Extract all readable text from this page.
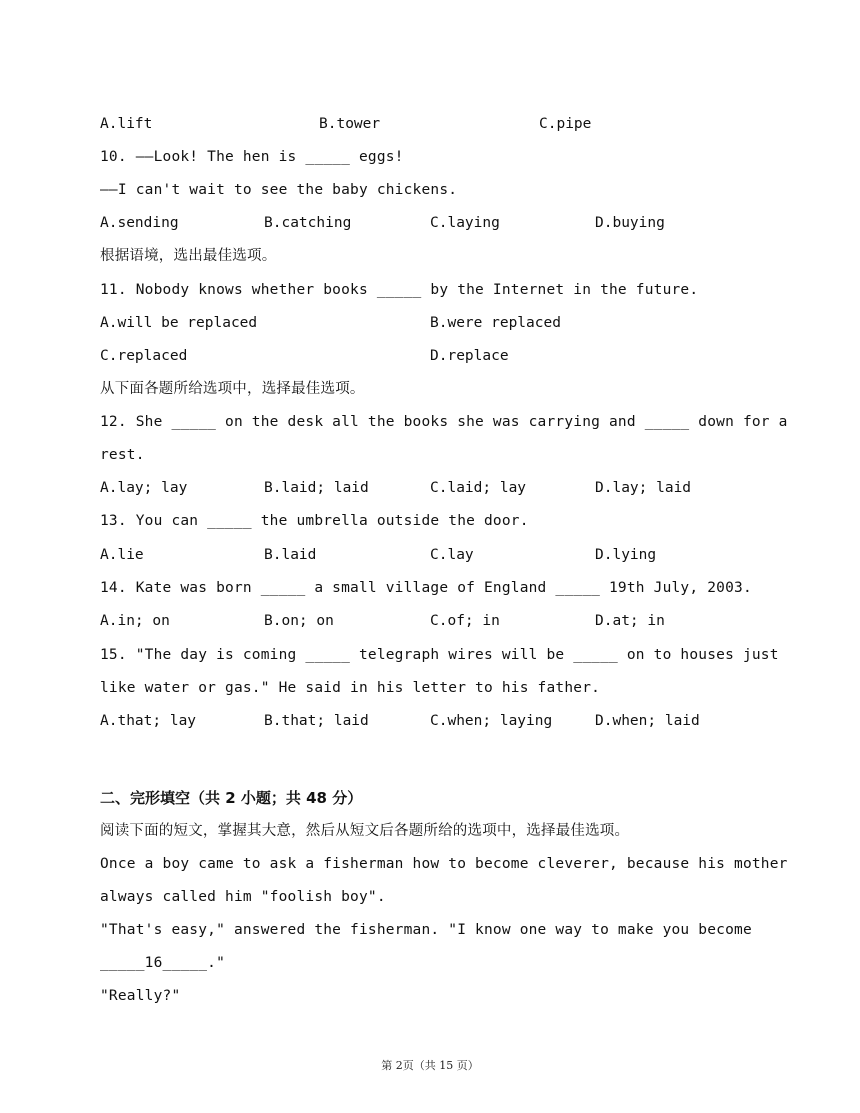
A.lift	B.tower	C.pipe
10. ——Look! The hen is _____ eggs!
——I can't wait to see the baby chickens.
A.sending	B.catching	C.laying	D.buying
根据语境，选出最佳选项。
11. Nobody knows whether books _____ by the Internet in the future.
A.will be replaced	B.were replaced
C.replaced	D.replace
从下面各题所给选项中，选择最佳选项。
12. She _____ on the desk all the books she was carrying and _____ down for a
rest.
A.lay; lay	B.laid; laid	C.laid; lay	D.lay; laid
13. You can _____ the umbrella outside the door.
A.lie	B.laid	C.lay	D.lying
14. Kate was born _____ a small village of England _____ 19th July, 2003.
A.in; on	B.on; on	C.of; in	D.at; in
15. "The day is coming _____ telegraph wires will be _____ on to houses just
like water or gas." He said in his letter to his father.
A.that; lay	B.that; laid	C.when; laying	D.when; laid
二、完形填空（共 2 小题；共 48 分）
阅读下面的短文，掌握其大意，然后从短文后各题所给的选项中，选择最佳选项。
Once a boy came to ask a fisherman how to become cleverer, because his mother
always called him "foolish boy".
"That's easy," answered the fisherman. "I know one way to make you become
_____16_____."
"Really?"
第 2页（共 15 页）
